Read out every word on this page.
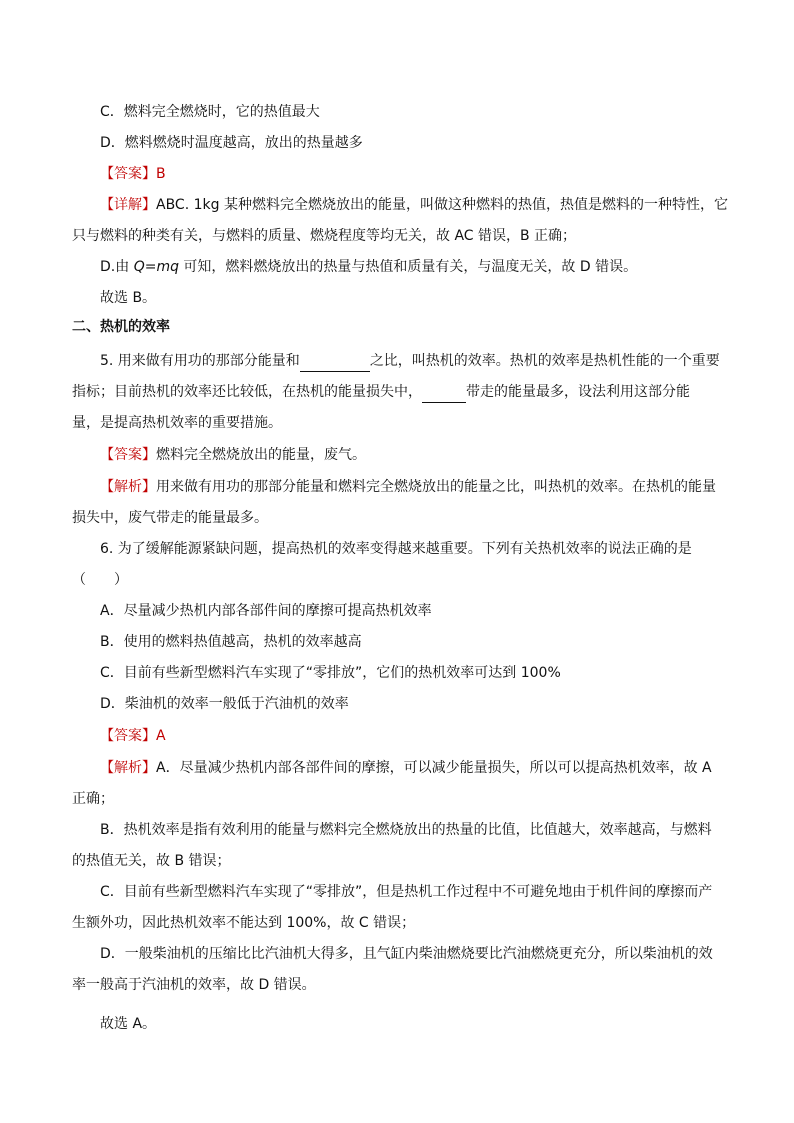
C．燃料完全燃烧时，它的热值最大
D．燃料燃烧时温度越高，放出的热量越多
【答案】B
【详解】ABC. 1kg 某种燃料完全燃烧放出的能量，叫做这种燃料的热值，热值是燃料的一种特性，它
只与燃料的种类有关，与燃料的质量、燃烧程度等均无关，故 AC 错误，B 正确；
D.由 Q=mq 可知，燃料燃烧放出的热量与热值和质量有关，与温度无关，故 D 错误。
故选 B。
二、热机的效率
5. 用来做有用功的那部分能量和	之比，叫热机的效率。热机的效率是热机性能的一个重要
指标；目前热机的效率还比较低，在热机的能量损失中，	带走的能量最多，设法利用这部分能
量，是提高热机效率的重要措施。
【答案】燃料完全燃烧放出的能量，废气。
【解析】用来做有用功的那部分能量和燃料完全燃烧放出的能量之比，叫热机的效率。在热机的能量
损失中，废气带走的能量最多。
6. 为了缓解能源紧缺问题，提高热机的效率变得越来越重要。下列有关热机效率的说法正确的是
（　　）
A．尽量减少热机内部各部件间的摩擦可提高热机效率
B．使用的燃料热值越高，热机的效率越高
C．目前有些新型燃料汽车实现了“零排放”，它们的热机效率可达到 100%
D．柴油机的效率一般低于汽油机的效率
【答案】A
【解析】A．尽量减少热机内部各部件间的摩擦，可以减少能量损失，所以可以提高热机效率，故 A
正确；
B．热机效率是指有效利用的能量与燃料完全燃烧放出的热量的比值，比值越大，效率越高，与燃料
的热值无关，故 B 错误；
C．目前有些新型燃料汽车实现了“零排放”，但是热机工作过程中不可避免地由于机件间的摩擦而产
生额外功，因此热机效率不能达到 100%，故 C 错误；
D．一般柴油机的压缩比比汽油机大得多，且气缸内柴油燃烧要比汽油燃烧更充分，所以柴油机的效
率一般高于汽油机的效率，故 D 错误。
故选 A。
